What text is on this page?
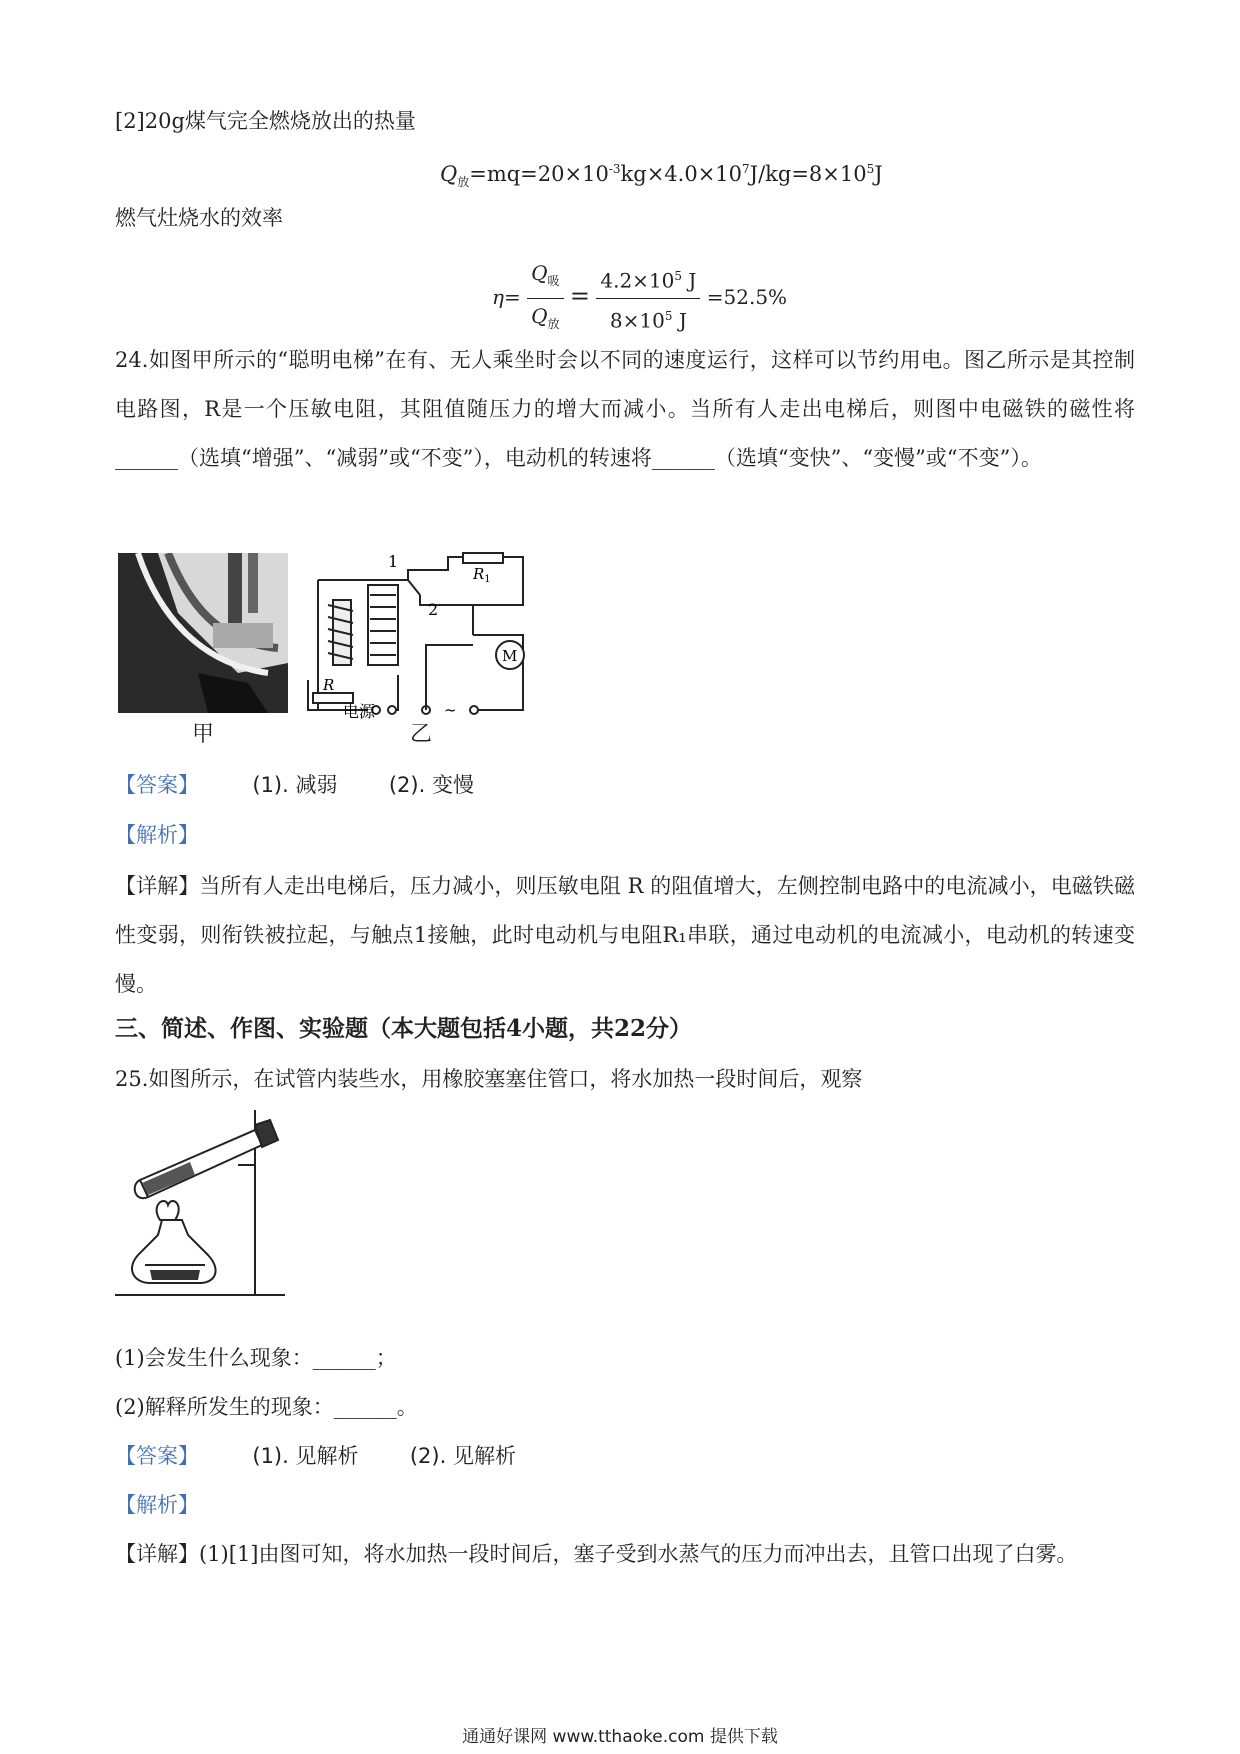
[2]20g煤气完全燃烧放出的热量
$Q_放=mq=20\times 10^{-3}kg\times 4.0\times 10^7J/kg=8\times 10^5J$
燃气灶烧水的效率
$\eta= \frac{Q_吸}{Q_放} = \frac{4.2\times 10^5 J}{8\times 10^5 J} =52.5\%$
24.如图甲所示的“聪明电梯”在有、无人乘坐时会以不同的速度运行，这样可以节约用电。图乙所示是其控制电路图，R是一个压敏电阻，其阻值随压力的增大而减小。当所有人走出电梯后，则图中电磁铁的磁性将______（选填“增强”、“减弱”或“不变”），电动机的转速将______（选填“变快”、“变慢”或“不变”）。
甲
1
2
$R_1$
R
M
电源	~
乙
【答案】	(1). 减弱 (2). 变慢
【解析】
【详解】当所有人走出电梯后，压力减小，则压敏电阻 R 的阻值增大，左侧控制电路中的电流减小，电磁铁磁性变弱，则衔铁被拉起，与触点1接触，此时电动机与电阻R₁串联，通过电动机的电流减小，电动机的转速变慢。
三、简述、作图、实验题（本大题包括4小题，共22分）
25.如图所示，在试管内装些水，用橡胶塞塞住管口，将水加热一段时间后，观察
(1)会发生什么现象：______；
(2)解释所发生的现象：______。
【答案】	(1). 见解析 (2). 见解析
【解析】
【详解】(1)[1]由图可知，将水加热一段时间后，塞子受到水蒸气的压力而冲出去，且管口出现了白雾。
通通好课网 www.tthaoke.com 提供下载
